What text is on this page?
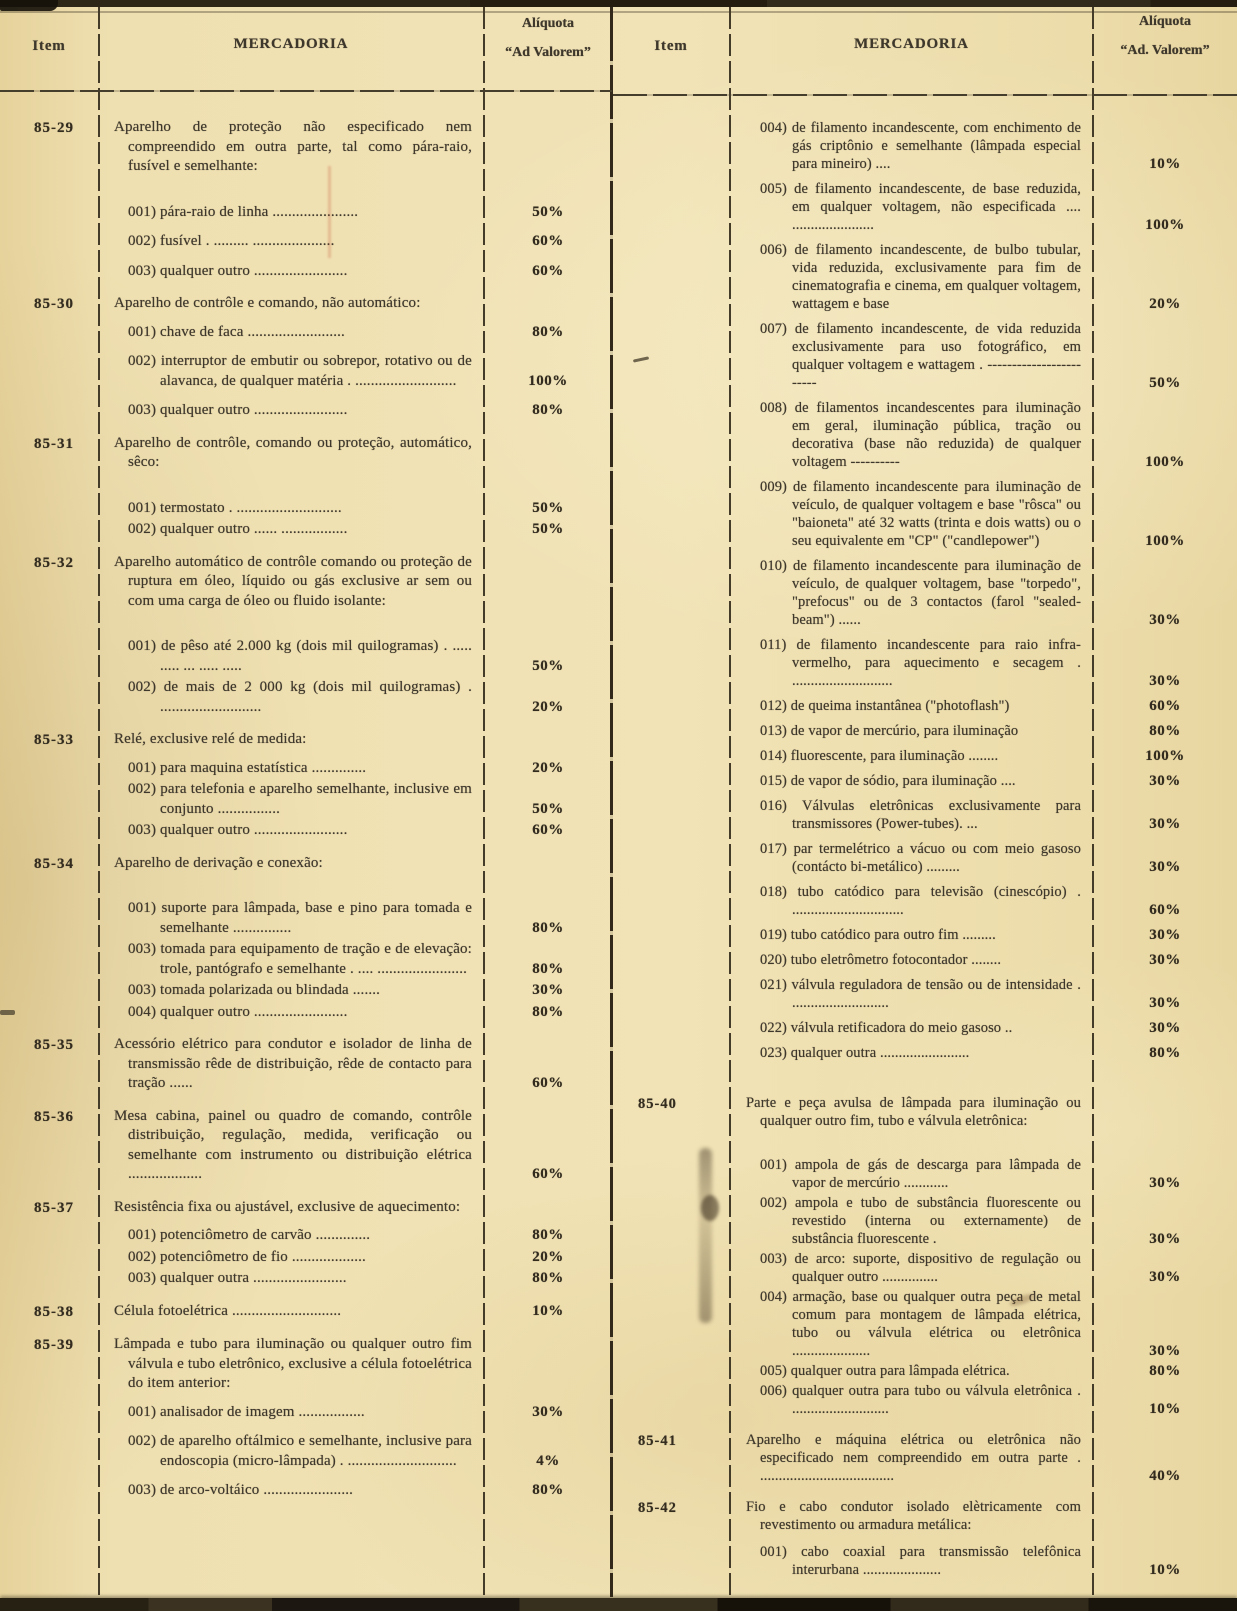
Item	MERCADORIA
Alíquota
“Ad Valorem”	Item	MERCADORIA
Alíquota
“Ad. Valorem”
85-29	Aparelho de proteção não especificado nem compreendido em outra parte, tal como pára-raio, fusível e semelhante:
001) pára-raio de linha ......................	50%
002) fusível . ......... .....................	60%
003) qualquer outro ........................	60%
85-30	Aparelho de contrôle e comando, não automático:
001) chave de faca .........................	80%
002) interruptor de embutir ou sobrepor, rotativo ou de alavanca, de qualquer matéria . ..........................	100%
003) qualquer outro ........................	80%
85-31	Aparelho de contrôle, comando ou proteção, automático, sêco:
001) termostato . ...........................	50%
002) qualquer outro ...... .................	50%
85-32	Aparelho automático de contrôle comando ou proteção de ruptura em óleo, líquido ou gás exclusive ar sem ou com uma carga de óleo ou fluido isolante:
001) de pêso até 2.000 kg (dois mil quilogramas) . ..... ..... ... ..... .....	50%
002) de mais de 2 000 kg (dois mil quilogramas) . ..........................	20%
85-33	Relé, exclusive relé de medida:
001) para maquina estatística ..............	20%
002) para telefonia e aparelho semelhante, inclusive em conjunto ................	50%
003) qualquer outro ........................	60%
85-34	Aparelho de derivação e conexão:
001) suporte para lâmpada, base e pino para tomada e semelhante ...............	80%
003) tomada para equipamento de tração e de elevação: trole, pantógrafo e semelhante . .... .......................	80%
003) tomada polarizada ou blindada .......	30%
004) qualquer outro ........................	80%
85-35	Acessório elétrico para condutor e isolador de linha de transmissão rêde de distribuição, rêde de contacto para tração ......	60%
85-36	Mesa cabina, painel ou quadro de comando, contrôle distribuição, regulação, medida, verificação ou semelhante com instrumento ou distribuição elétrica ...................	60%
85-37	Resistência fixa ou ajustável, exclusive de aquecimento:
001) potenciômetro de carvão ..............	80%
002) potenciômetro de fio ...................	20%
003) qualquer outra ........................	80%
85-38	Célula fotoelétrica ............................	10%
85-39	Lâmpada e tubo para iluminação ou qualquer outro fim válvula e tubo eletrônico, exclusive a célula fotoelétrica do item anterior:
001) analisador de imagem .................	30%
002) de aparelho oftálmico e semelhante, inclusive para endoscopia (micro-lâmpada) . ............................	4%
003) de arco-voltáico .......................	80%
004) de filamento incandescente, com enchimento de gás criptônio e semelhante (lâmpada especial para mineiro) ....	10%
005) de filamento incandescente, de base reduzida, em qualquer voltagem, não especificada .... ......................	100%
006) de filamento incandescente, de bulbo tubular, vida reduzida, exclusivamente para fim de cinematografia e cinema, em qualquer voltagem, wattagem e base	20%
007) de filamento incandescente, de vida reduzida exclusivamente para uso fotográfico, em qualquer voltagem e wattagem . ------------------------	50%
008) de filamentos incandescentes para iluminação em geral, iluminação pública, tração ou decorativa (base não reduzida) de qualquer voltagem ----------	100%
009) de filamento incandescente para iluminação de veículo, de qualquer voltagem e base "rôsca" ou "baioneta" até 32 watts (trinta e dois watts) ou o seu equivalente em "CP" ("candlepower")	100%
010) de filamento incandescente para iluminação de veículo, de qualquer voltagem, base "torpedo", "prefocus" ou de 3 contactos (farol "sealed-beam") ......	30%
011) de filamento incandescente para raio infra-vermelho, para aquecimento e secagem . ...........................	30%
012) de queima instantânea ("photoflash")	60%
013) de vapor de mercúrio, para iluminação	80%
014) fluorescente, para iluminação ........	100%
015) de vapor de sódio, para iluminação ....	30%
016) Válvulas eletrônicas exclusivamente para transmissores (Power-tubes). ...	30%
017) par termelétrico a vácuo ou com meio gasoso (contácto bi-metálico) .........	30%
018) tubo catódico para televisão (cinescópio) . ..............................	60%
019) tubo catódico para outro fim .........	30%
020) tubo eletrômetro fotocontador ........	30%
021) válvula reguladora de tensão ou de intensidade . ..........................	30%
022) válvula retificadora do meio gasoso ..	30%
023) qualquer outra ........................	80%
85-40	Parte e peça avulsa de lâmpada para iluminação ou qualquer outro fim, tubo e válvula eletrônica:
001) ampola de gás de descarga para lâmpada de vapor de mercúrio ............	30%
002) ampola e tubo de substância fluorescente ou revestido (interna ou externamente) de substância fluorescente .	30%
003) de arco: suporte, dispositivo de regulação ou qualquer outro ...............	30%
004) armação, base ou qualquer outra peça de metal comum para montagem de lâmpada elétrica, tubo ou válvula elétrica ou eletrônica .....................	30%
005) qualquer outra para lâmpada elétrica.	80%
006) qualquer outra para tubo ou válvula eletrônica . ..........................	10%
85-41	Aparelho e máquina elétrica ou eletrônica não especificado nem compreendido em outra parte . ....................................	40%
85-42	Fio e cabo condutor isolado elètricamente com revestimento ou armadura metálica:
001) cabo coaxial para transmissão telefônica interurbana .....................	10%
